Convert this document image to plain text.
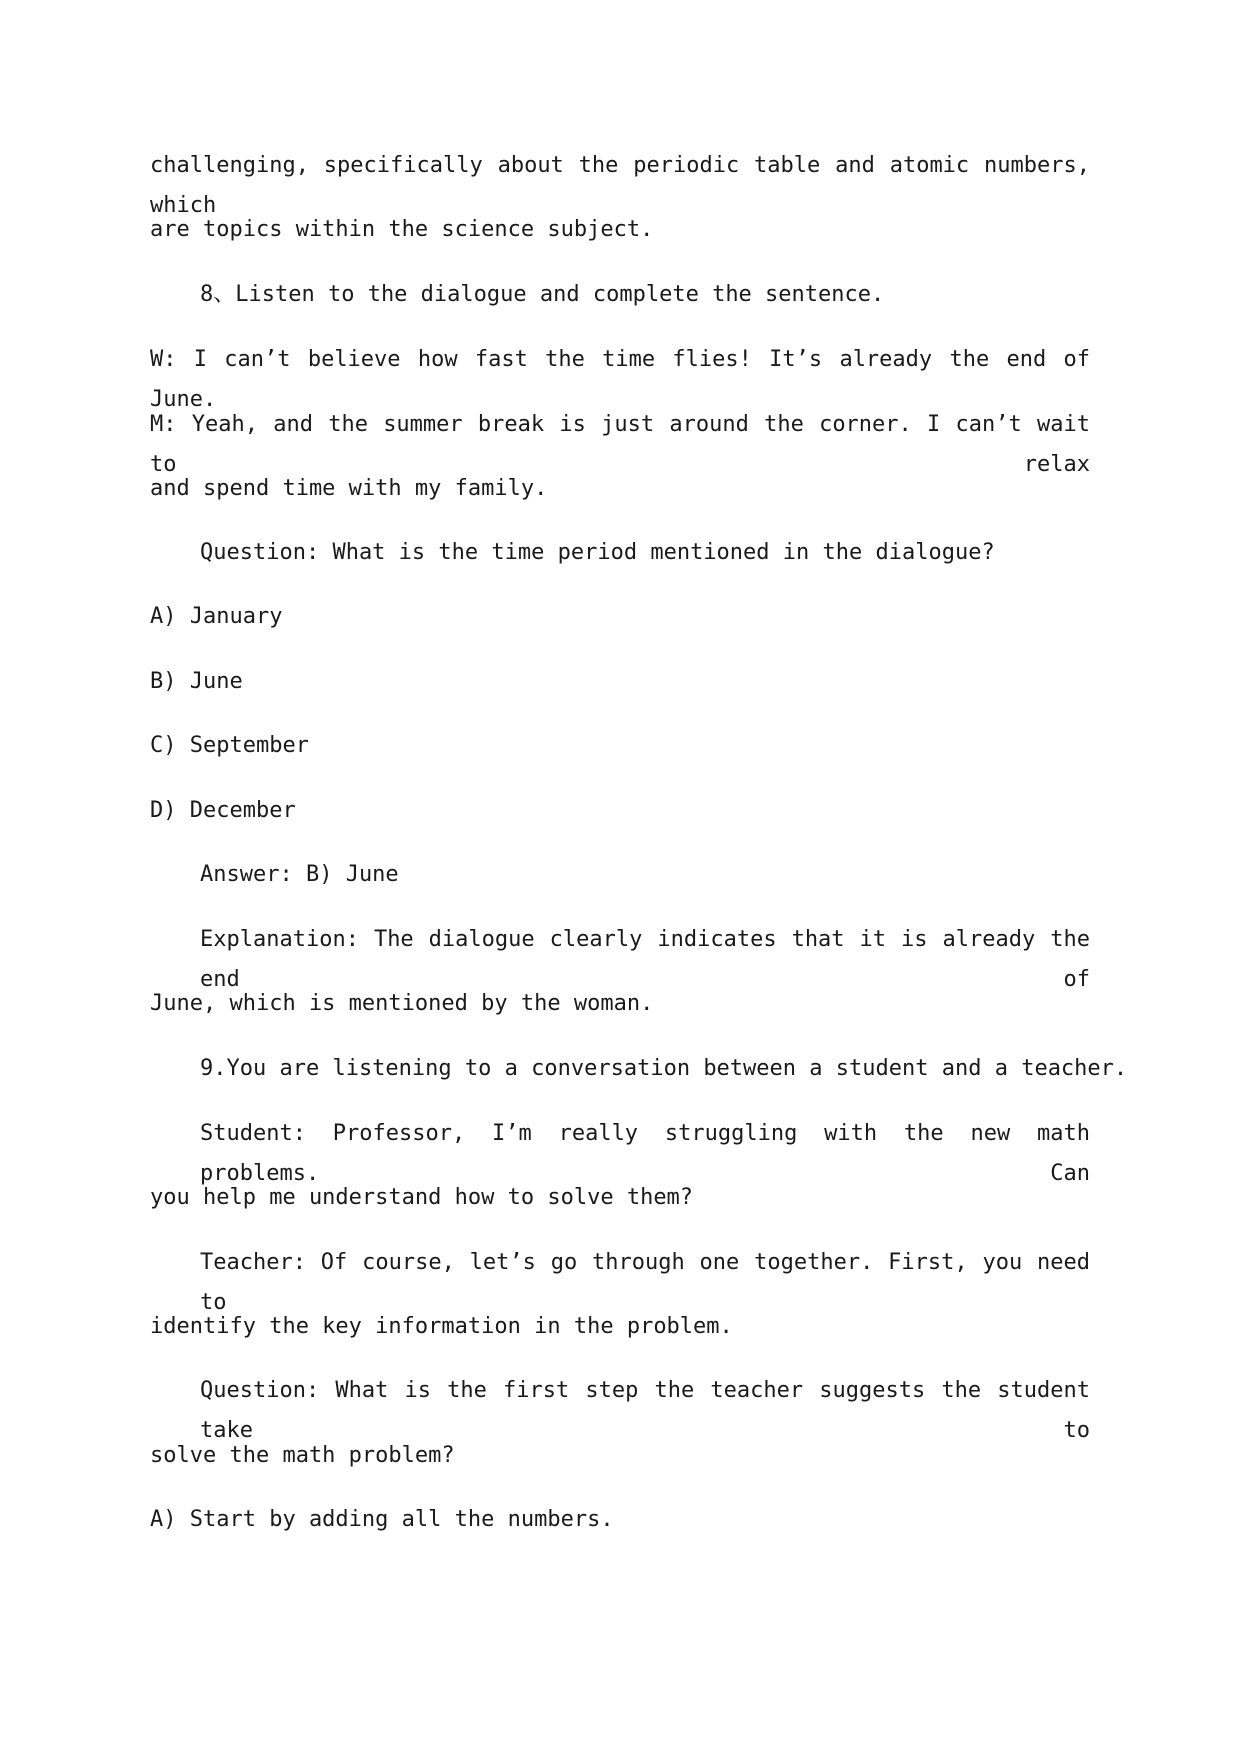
challenging, specifically about the periodic table and atomic numbers, which
are topics within the science subject.
8、Listen to the dialogue and complete the sentence.
W: I can’t believe how fast the time flies! It’s already the end of June.
M: Yeah, and the summer break is just around the corner. I can’t wait to relax
and spend time with my family.
Question: What is the time period mentioned in the dialogue?
A) January
B) June
C) September
D) December
Answer: B) June
Explanation: The dialogue clearly indicates that it is already the end of
June, which is mentioned by the woman.
9.You are listening to a conversation between a student and a teacher.
Student: Professor, I’m really struggling with the new math problems. Can
you help me understand how to solve them?
Teacher: Of course, let’s go through one together. First, you need to
identify the key information in the problem.
Question: What is the first step the teacher suggests the student take to
solve the math problem?
A) Start by adding all the numbers.
